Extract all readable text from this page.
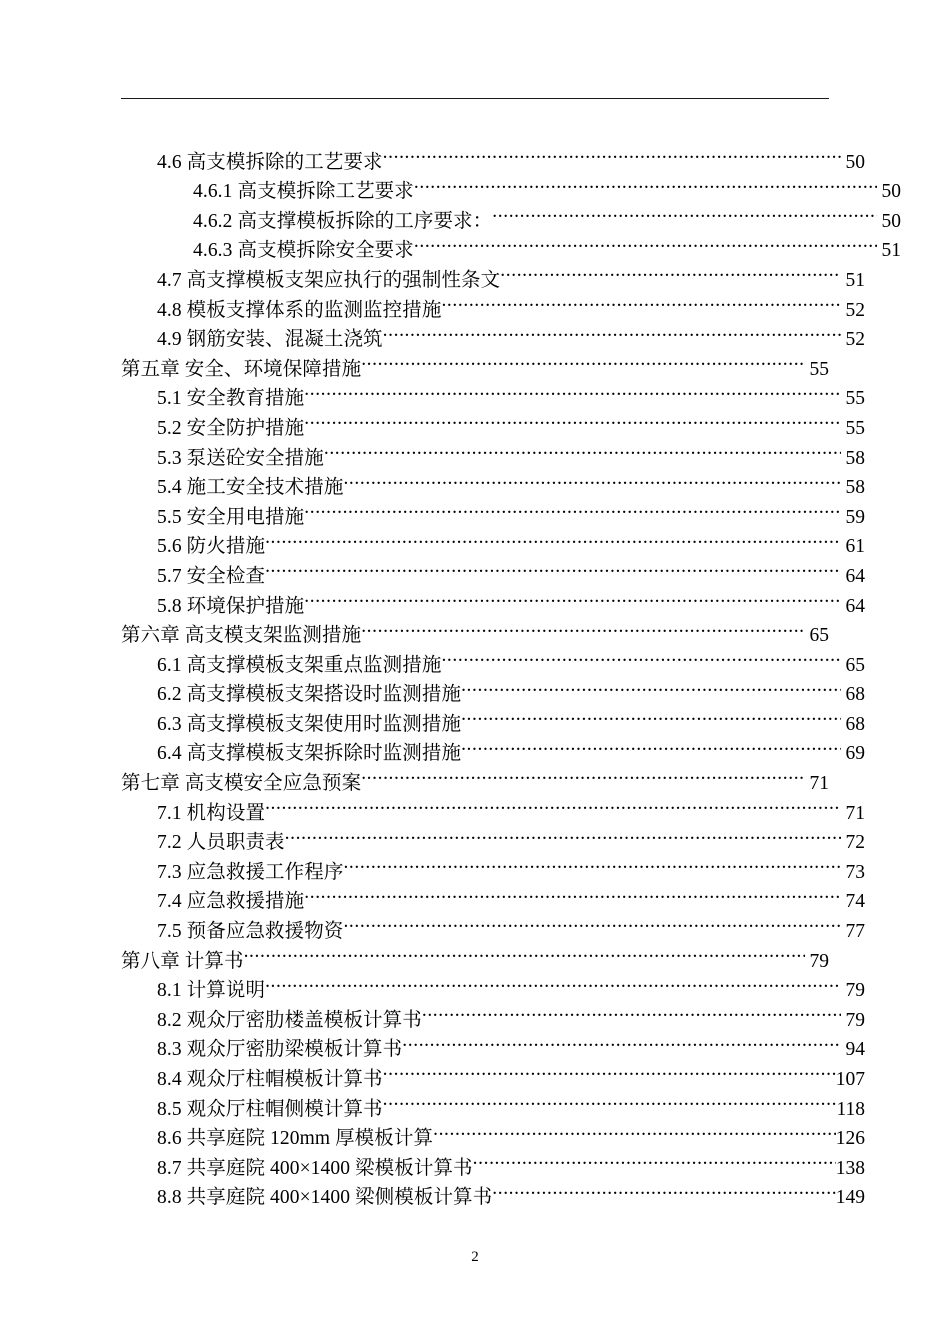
4.6 高支模拆除的工艺要求 .....	50
4.6.1 高支模拆除工艺要求 .....	50
4.6.2 高支撑模板拆除的工序要求： .....	50
4.6.3 高支模拆除安全要求 .....	51
4.7 高支撑模板支架应执行的强制性条文 .....	51
4.8 模板支撑体系的监测监控措施 .....	52
4.9 钢筋安装、混凝土浇筑 .....	52
第五章 安全、环境保障措施 .....	55
5.1 安全教育措施 .....	55
5.2 安全防护措施 .....	55
5.3 泵送砼安全措施 .....	58
5.4 施工安全技术措施 .....	58
5.5 安全用电措施 .....	59
5.6 防火措施 .....	61
5.7 安全检查 .....	64
5.8 环境保护措施 .....	64
第六章 高支模支架监测措施 .....	65
6.1 高支撑模板支架重点监测措施 .....	65
6.2 高支撑模板支架搭设时监测措施 .....	68
6.3 高支撑模板支架使用时监测措施 .....	68
6.4 高支撑模板支架拆除时监测措施 .....	69
第七章 高支模安全应急预案 .....	71
7.1 机构设置 .....	71
7.2 人员职责表 .....	72
7.3 应急救援工作程序 .....	73
7.4 应急救援措施 .....	74
7.5 预备应急救援物资 .....	77
第八章 计算书 .....	79
8.1 计算说明 .....	79
8.2 观众厅密肋楼盖模板计算书 .....	79
8.3 观众厅密肋梁模板计算书 .....	94
8.4 观众厅柱帽模板计算书 .....	107
8.5 观众厅柱帽侧模计算书 .....	118
8.6 共享庭院 120mm 厚模板计算 .....	126
8.7 共享庭院 400×1400 梁模板计算书 .....	138
8.8 共享庭院 400×1400 梁侧模板计算书 .....	149
2
